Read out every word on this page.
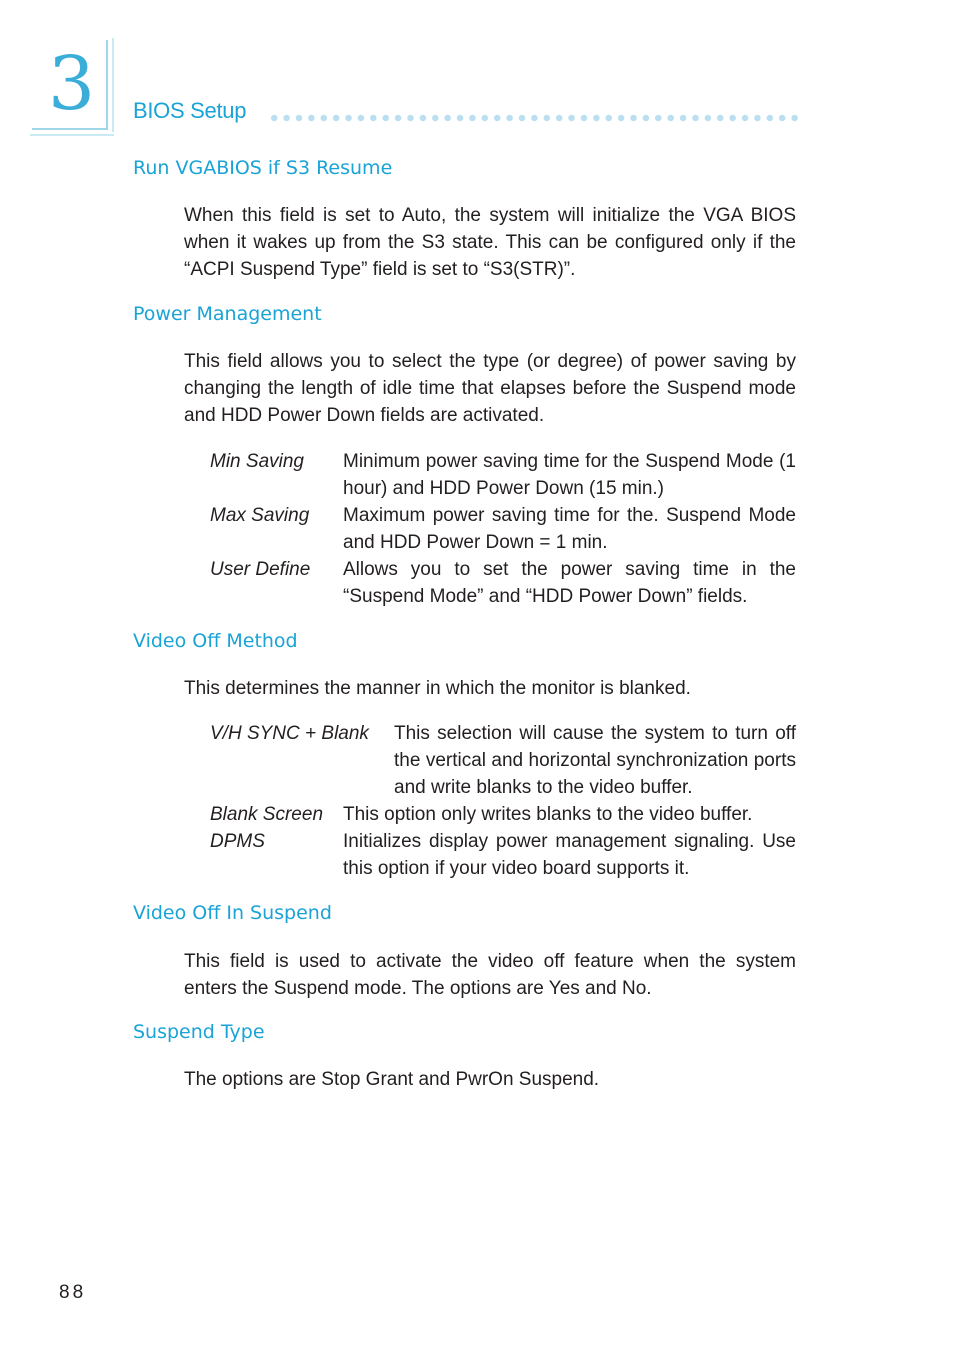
3 BIOS Setup
Run VGABIOS if S3 Resume

When this field is set to Auto, the system will initialize the VGA BIOS when it wakes up from the S3 state. This can be configured only if the “ACPI Suspend Type” field is set to “S3(STR)”.

Power Management

This field allows you to select the type (or degree) of power saving by changing the length of idle time that elapses before the Suspend mode and HDD Power Down fields are activated.

Min Saving Minimum power saving time for the Suspend Mode (1 hour) and HDD Power Down (15 min.)
Max Saving Maximum power saving time for the. Suspend Mode and HDD Power Down = 1 min.
User Define Allows you to set the power saving time in the “Suspend Mode” and “HDD Power Down” fields.
Video Off Method

This determines the manner in which the monitor is blanked.

V/H SYNC + Blank This selection will cause the system to turn off the vertical and horizontal synchronization ports and write blanks to the video buffer.
Blank Screen This option only writes blanks to the video buffer.
DPMS	Initializes display power management signaling. Use this option if your video board supports it.
Video Off In Suspend

This field is used to activate the video off feature when the system enters the Suspend mode. The options are Yes and No.

Suspend Type

The options are Stop Grant and PwrOn Suspend.

88
